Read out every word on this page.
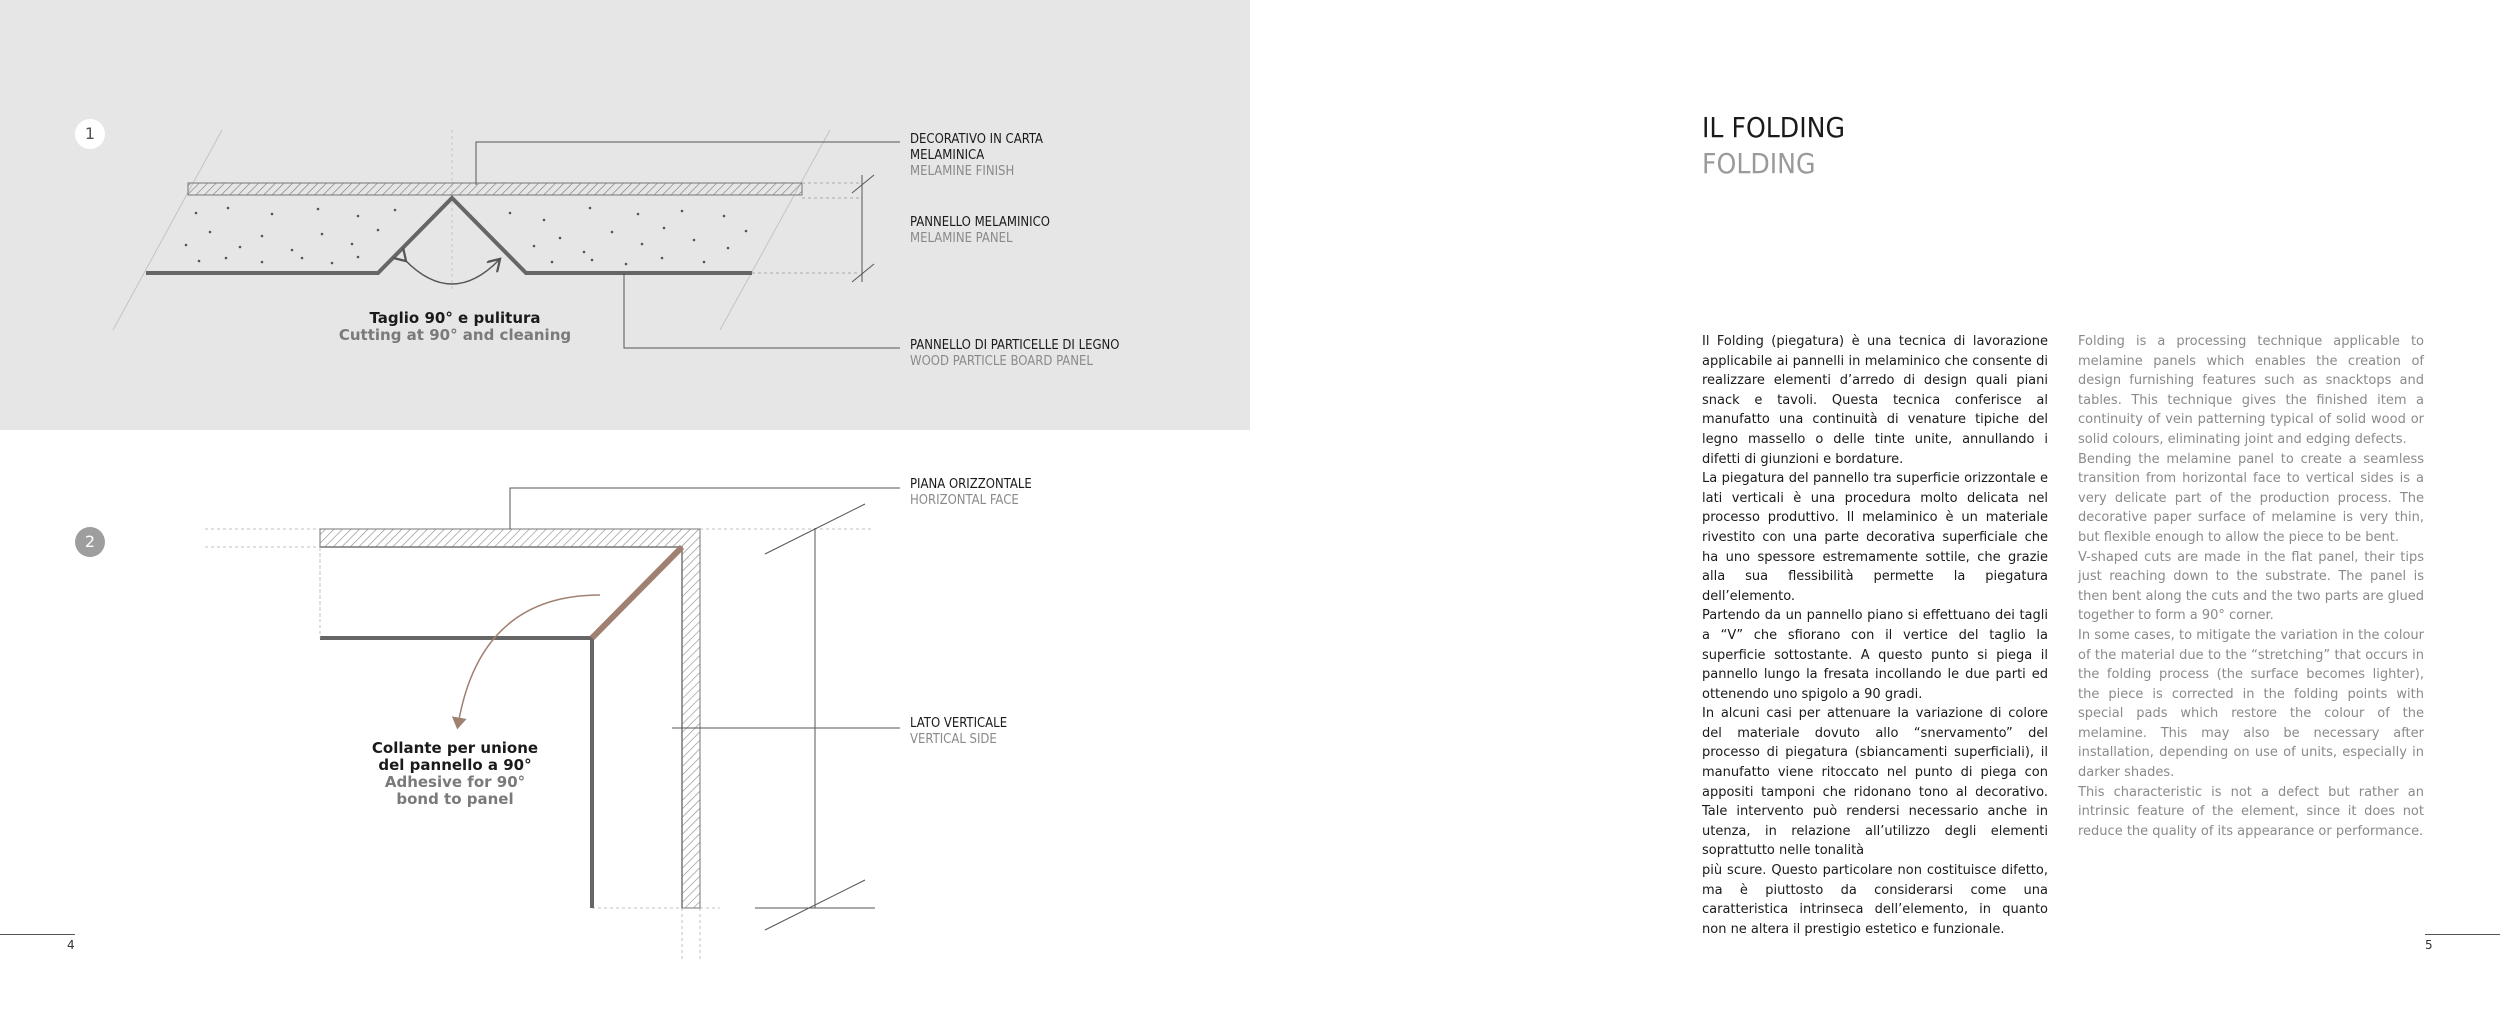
1
2
DECORATIVO IN CARTA MELAMINICA
MELAMINE FINISH
PANNELLO MELAMINICO
MELAMINE PANEL
PANNELLO DI PARTICELLE DI LEGNO
WOOD PARTICLE BOARD PANEL
PIANA ORIZZONTALE
HORIZONTAL FACE
LATO VERTICALE
VERTICAL SIDE
Taglio 90° e pulitura
Cutting at 90° and cleaning
Collante per unione del pannello a 90°
Adhesive for 90° bond to panel
4
IL FOLDING
FOLDING

Il Folding (piegatura) è una tecnica di lavorazione applicabile ai pannelli in melaminico che consente di realizzare elementi d’arredo di design quali piani snack e tavoli. Questa tecnica conferisce al manufatto una continuità di venature tipiche del legno massello o delle tinte unite, annullando i difetti di giunzioni e bordature.

La piegatura del pannello tra superficie orizzontale e lati verticali è una procedura molto delicata nel processo produttivo. Il melaminico è un materiale rivestito con una parte decorativa superficiale che ha uno spessore estremamente sottile, che grazie alla sua flessibilità permette la piegatura dell’elemento.

Partendo da un pannello piano si effettuano dei tagli a “V” che sfiorano con il vertice del taglio la superficie sottostante. A questo punto si piega il pannello lungo la fresata incollando le due parti ed ottenendo uno spigolo a 90 gradi.

In alcuni casi per attenuare la variazione di colore del materiale dovuto allo “snervamento” del processo di piegatura (sbiancamenti superficiali), il manufatto viene ritoccato nel punto di piega con appositi tamponi che ridonano tono al decorativo. Tale intervento può rendersi necessario anche in utenza, in relazione all’utilizzo degli elementi soprattutto nelle tonalità

più scure. Questo particolare non costituisce difetto, ma è piuttosto da considerarsi come una caratteristica intrinseca dell’elemento, in quanto non ne altera il prestigio estetico e funzionale.

Folding is a processing technique applicable to melamine panels which enables the creation of design furnishing features such as snacktops and tables. This technique gives the finished item a continuity of vein patterning typical of solid wood or solid colours, eliminating joint and edging defects.

Bending the melamine panel to create a seamless transition from horizontal face to vertical sides is a very delicate part of the production process. The decorative paper surface of melamine is very thin, but flexible enough to allow the piece to be bent.

V-shaped cuts are made in the flat panel, their tips just reaching down to the substrate. The panel is then bent along the cuts and the two parts are glued together to form a 90° corner.

In some cases, to mitigate the variation in the colour of the material due to the “stretching” that occurs in the folding process (the surface becomes lighter), the piece is corrected in the folding points with special pads which restore the colour of the melamine. This may also be necessary after installation, depending on use of units, especially in darker shades.

This characteristic is not a defect but rather an intrinsic feature of the element, since it does not reduce the quality of its appearance or performance.

5
